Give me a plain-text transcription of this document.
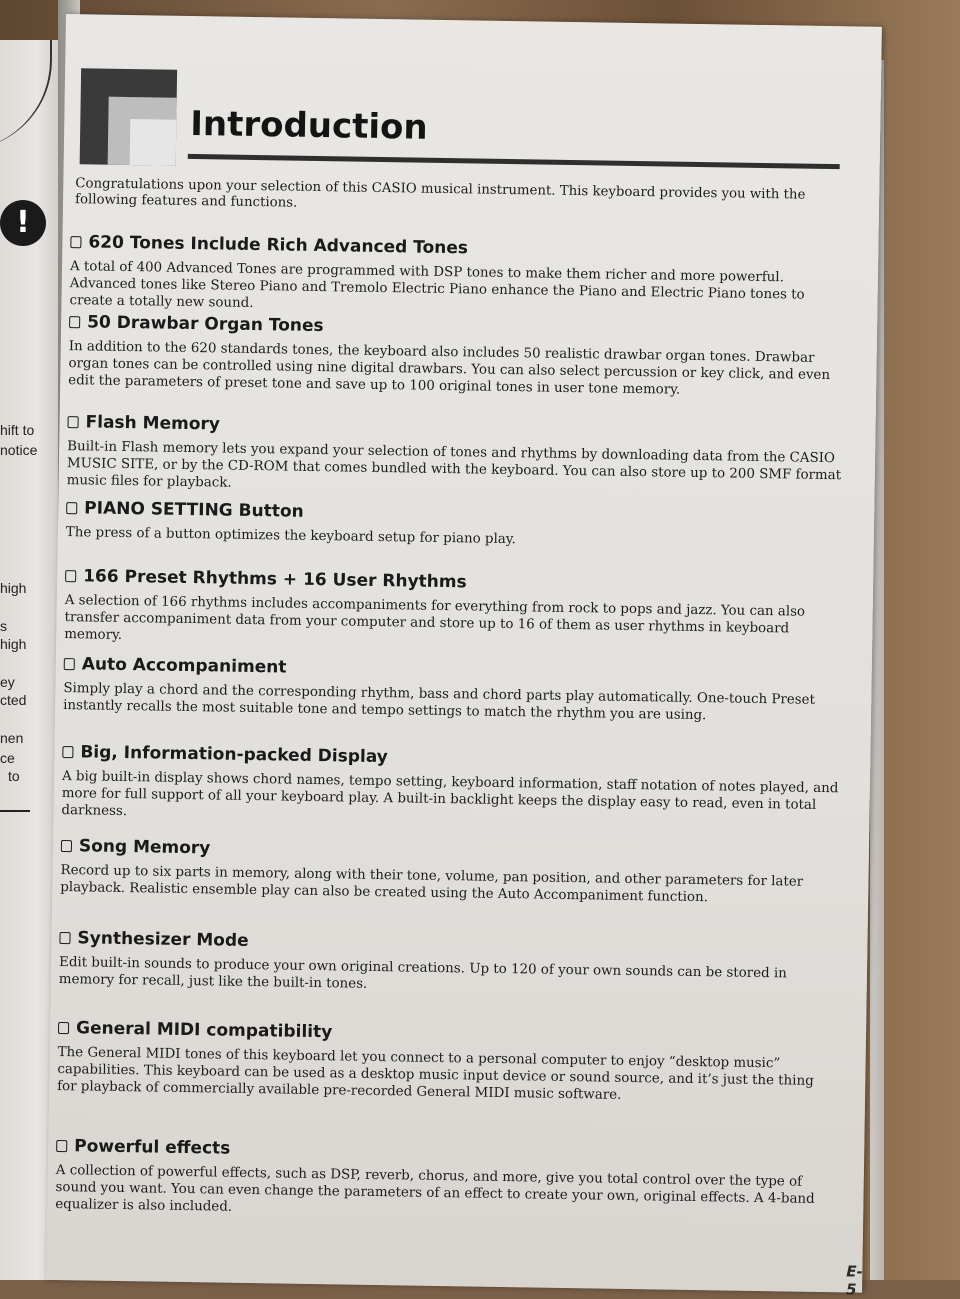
!
hift to
notice
high
s
high
ey
cted
nen
ce
to
Introduction

Congratulations upon your selection of this CASIO musical instrument. This keyboard provides you with the following features and functions.

620 Tones Include Rich Advanced Tones

A total of 400 Advanced Tones are programmed with DSP tones to make them richer and more powerful. Advanced tones like Stereo Piano and Tremolo Electric Piano enhance the Piano and Electric Piano tones to create a totally new sound.

50 Drawbar Organ Tones

In addition to the 620 standards tones, the keyboard also includes 50 realistic drawbar organ tones. Drawbar organ tones can be controlled using nine digital drawbars. You can also select percussion or key click, and even edit the parameters of preset tone and save up to 100 original tones in user tone memory.

Flash Memory

Built-in Flash memory lets you expand your selection of tones and rhythms by downloading data from the CASIO MUSIC SITE, or by the CD-ROM that comes bundled with the keyboard. You can also store up to 200 SMF format music files for playback.

PIANO SETTING Button

The press of a button optimizes the keyboard setup for piano play.

166 Preset Rhythms + 16 User Rhythms

A selection of 166 rhythms includes accompaniments for everything from rock to pops and jazz. You can also transfer accompaniment data from your computer and store up to 16 of them as user rhythms in keyboard memory.

Auto Accompaniment

Simply play a chord and the corresponding rhythm, bass and chord parts play automatically. One-touch Preset instantly recalls the most suitable tone and tempo settings to match the rhythm you are using.

Big, Information-packed Display

A big built-in display shows chord names, tempo setting, keyboard information, staff notation of notes played, and more for full support of all your keyboard play. A built-in backlight keeps the display easy to read, even in total darkness.

Song Memory

Record up to six parts in memory, along with their tone, volume, pan position, and other parameters for later playback. Realistic ensemble play can also be created using the Auto Accompaniment function.

Synthesizer Mode

Edit built-in sounds to produce your own original creations. Up to 120 of your own sounds can be stored in memory for recall, just like the built-in tones.

General MIDI compatibility

The General MIDI tones of this keyboard let you connect to a personal computer to enjoy “desktop music” capabilities. This keyboard can be used as a desktop music input device or sound source, and it’s just the thing for playback of commercially available pre-recorded General MIDI music software.

Powerful effects

A collection of powerful effects, such as DSP, reverb, chorus, and more, give you total control over the type of sound you want. You can even change the parameters of an effect to create your own, original effects. A 4-band equalizer is also included.

E-5
